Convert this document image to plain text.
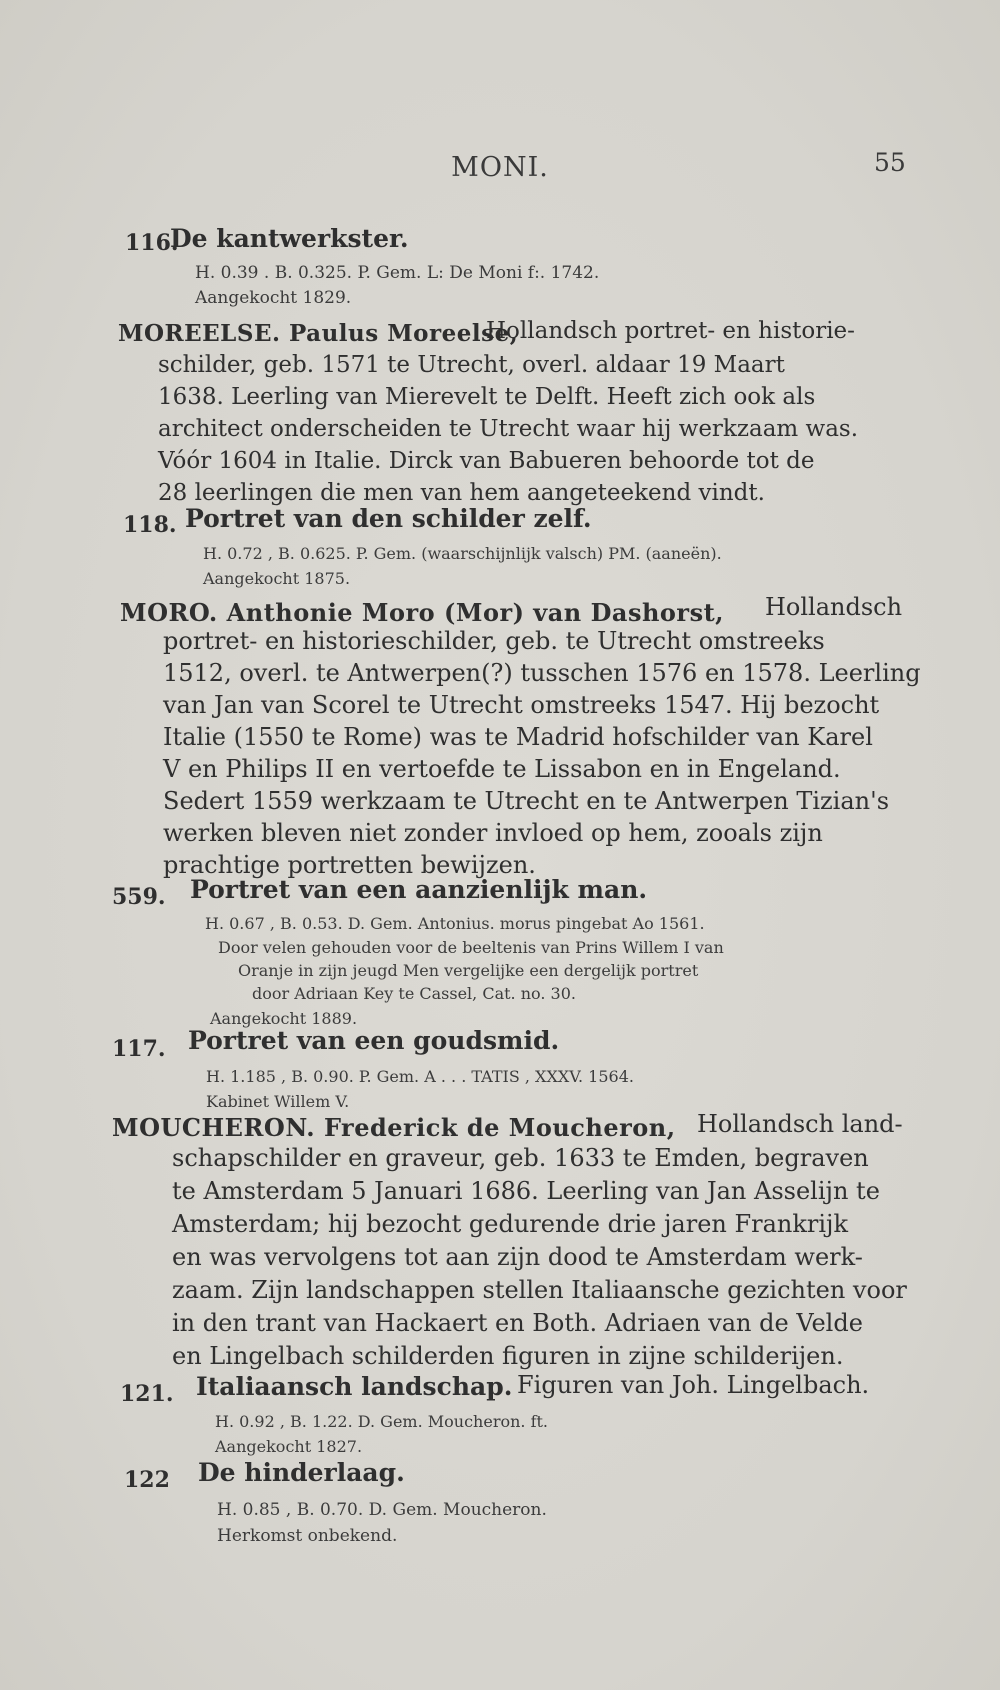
MONI.	55
116.
De kantwerkster.
H. 0.39 . B. 0.325. P. Gem. L: De Moni f:. 1742.
Aangekocht 1829.
MOREELSE. Paulus Moreelse,
Hollandsch portret- en historie-
schilder, geb. 1571 te Utrecht, overl. aldaar 19 Maart
1638. Leerling van Mierevelt te Delft. Heeft zich ook als
architect onderscheiden te Utrecht waar hij werkzaam was.
Vóór 1604 in Italie. Dirck van Babueren behoorde tot de
28 leerlingen die men van hem aangeteekend vindt.
118. Portret van den schilder zelf.
H. 0.72 , B. 0.625. P. Gem. (waarschijnlijk valsch) PM. (aaneën).
Aangekocht 1875.
MORO. Anthonie Moro (Mor) van Dashorst, Hollandsch
portret- en historieschilder, geb. te Utrecht omstreeks
1512, overl. te Antwerpen(?) tusschen 1576 en 1578. Leerling
van Jan van Scorel te Utrecht omstreeks 1547. Hij bezocht
Italie (1550 te Rome) was te Madrid hofschilder van Karel
V en Philips II en vertoefde te Lissabon en in Engeland.
Sedert 1559 werkzaam te Utrecht en te Antwerpen Tizian's
werken bleven niet zonder invloed op hem, zooals zijn
prachtige portretten bewijzen.
559. Portret van een aanzienlijk man.
H. 0.67 , B. 0.53. D. Gem. Antonius. morus pingebat Ao 1561.
Door velen gehouden voor de beeltenis van Prins Willem I van
Oranje in zijn jeugd Men vergelijke een dergelijk portret
door Adriaan Key te Cassel, Cat. no. 30.
Aangekocht 1889.
117. Portret van een goudsmid.
H. 1.185 , B. 0.90. P. Gem. A . . . TATIS , XXXV. 1564.
Kabinet Willem V.
MOUCHERON. Frederick de Moucheron, Hollandsch land-
schapschilder en graveur, geb. 1633 te Emden, begraven
te Amsterdam 5 Januari 1686. Leerling van Jan Asselijn te
Amsterdam; hij bezocht gedurende drie jaren Frankrijk
en was vervolgens tot aan zijn dood te Amsterdam werk-
zaam. Zijn landschappen stellen Italiaansche gezichten voor
in den trant van Hackaert en Both. Adriaen van de Velde
en Lingelbach schilderden figuren in zijne schilderijen.
121. Italiaansch landschap. Figuren van Joh. Lingelbach.
H. 0.92 , B. 1.22. D. Gem. Moucheron. ft.
Aangekocht 1827.
122 De hinderlaag.
H. 0.85 , B. 0.70. D. Gem. Moucheron.
Herkomst onbekend.
